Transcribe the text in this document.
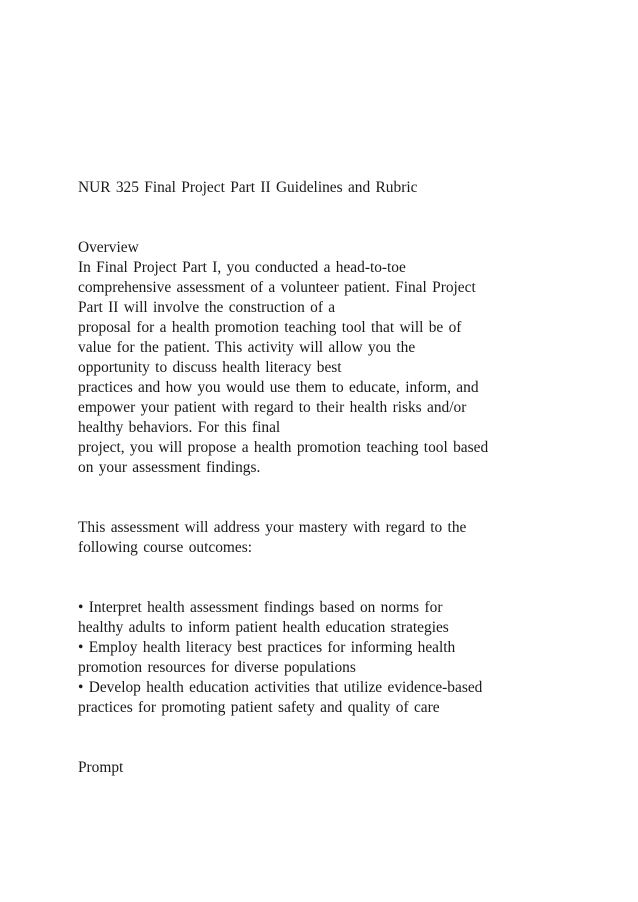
NUR 325 Final Project Part II Guidelines and Rubric
Overview
In Final Project Part I, you conducted a head-to-toe
comprehensive assessment of a volunteer patient. Final Project
Part II will involve the construction of a
proposal for a health promotion teaching tool that will be of
value for the patient. This activity will allow you the
opportunity to discuss health literacy best
practices and how you would use them to educate, inform, and
empower your patient with regard to their health risks and/or
healthy behaviors. For this final
project, you will propose a health promotion teaching tool based
on your assessment findings.
This assessment will address your mastery with regard to the
following course outcomes:
• Interpret health assessment findings based on norms for
healthy adults to inform patient health education strategies
• Employ health literacy best practices for informing health
promotion resources for diverse populations
• Develop health education activities that utilize evidence-based
practices for promoting patient safety and quality of care
Prompt
